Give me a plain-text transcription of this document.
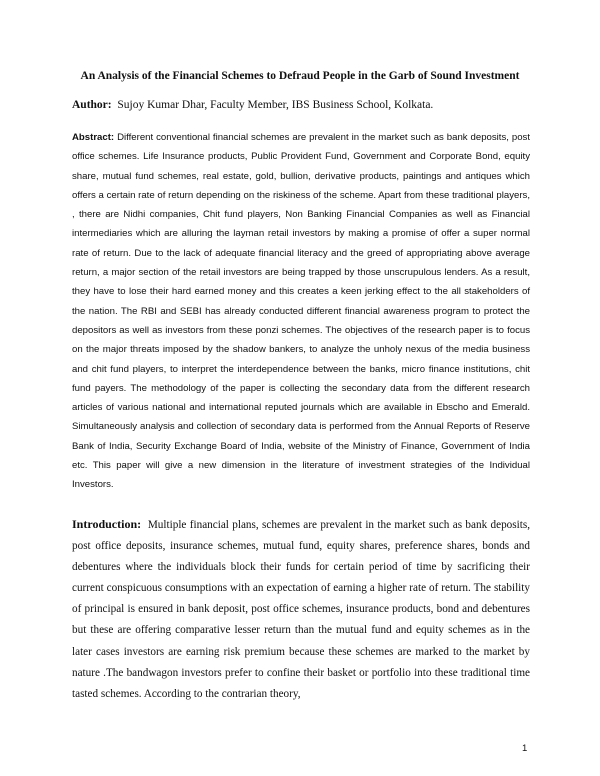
An Analysis of the Financial Schemes to Defraud People in the Garb of Sound Investment
Author: Sujoy Kumar Dhar, Faculty Member, IBS Business School, Kolkata.
Abstract: Different conventional financial schemes are prevalent in the market such as bank deposits, post office schemes. Life Insurance products, Public Provident Fund, Government and Corporate Bond, equity share, mutual fund schemes, real estate, gold, bullion, derivative products, paintings and antiques which offers a certain rate of return depending on the riskiness of the scheme. Apart from these traditional players, , there are Nidhi companies, Chit fund players, Non Banking Financial Companies as well as Financial intermediaries which are alluring the layman retail investors by making a promise of offer a super normal rate of return. Due to the lack of adequate financial literacy and the greed of appropriating above average return, a major section of the retail investors are being trapped by those unscrupulous lenders. As a result, they have to lose their hard earned money and this creates a keen jerking effect to the all stakeholders of the nation. The RBI and SEBI has already conducted different financial awareness program to protect the depositors as well as investors from these ponzi schemes. The objectives of the research paper is to focus on the major threats imposed by the shadow bankers, to analyze the unholy nexus of the media business and chit fund players, to interpret the interdependence between the banks, micro finance institutions, chit fund payers. The methodology of the paper is collecting the secondary data from the different research articles of various national and international reputed journals which are available in Ebscho and Emerald. Simultaneously analysis and collection of secondary data is performed from the Annual Reports of Reserve Bank of India, Security Exchange Board of India, website of the Ministry of Finance, Government of India etc. This paper will give a new dimension in the literature of investment strategies of the Individual Investors.
Introduction: Multiple financial plans, schemes are prevalent in the market such as bank deposits, post office deposits, insurance schemes, mutual fund, equity shares, preference shares, bonds and debentures where the individuals block their funds for certain period of time by sacrificing their current conspicuous consumptions with an expectation of earning a higher rate of return. The stability of principal is ensured in bank deposit, post office schemes, insurance products, bond and debentures but these are offering comparative lesser return than the mutual fund and equity schemes as in the later cases investors are earning risk premium because these schemes are marked to the market by nature .The bandwagon investors prefer to confine their basket or portfolio into these traditional time tasted schemes. According to the contrarian theory,
1
